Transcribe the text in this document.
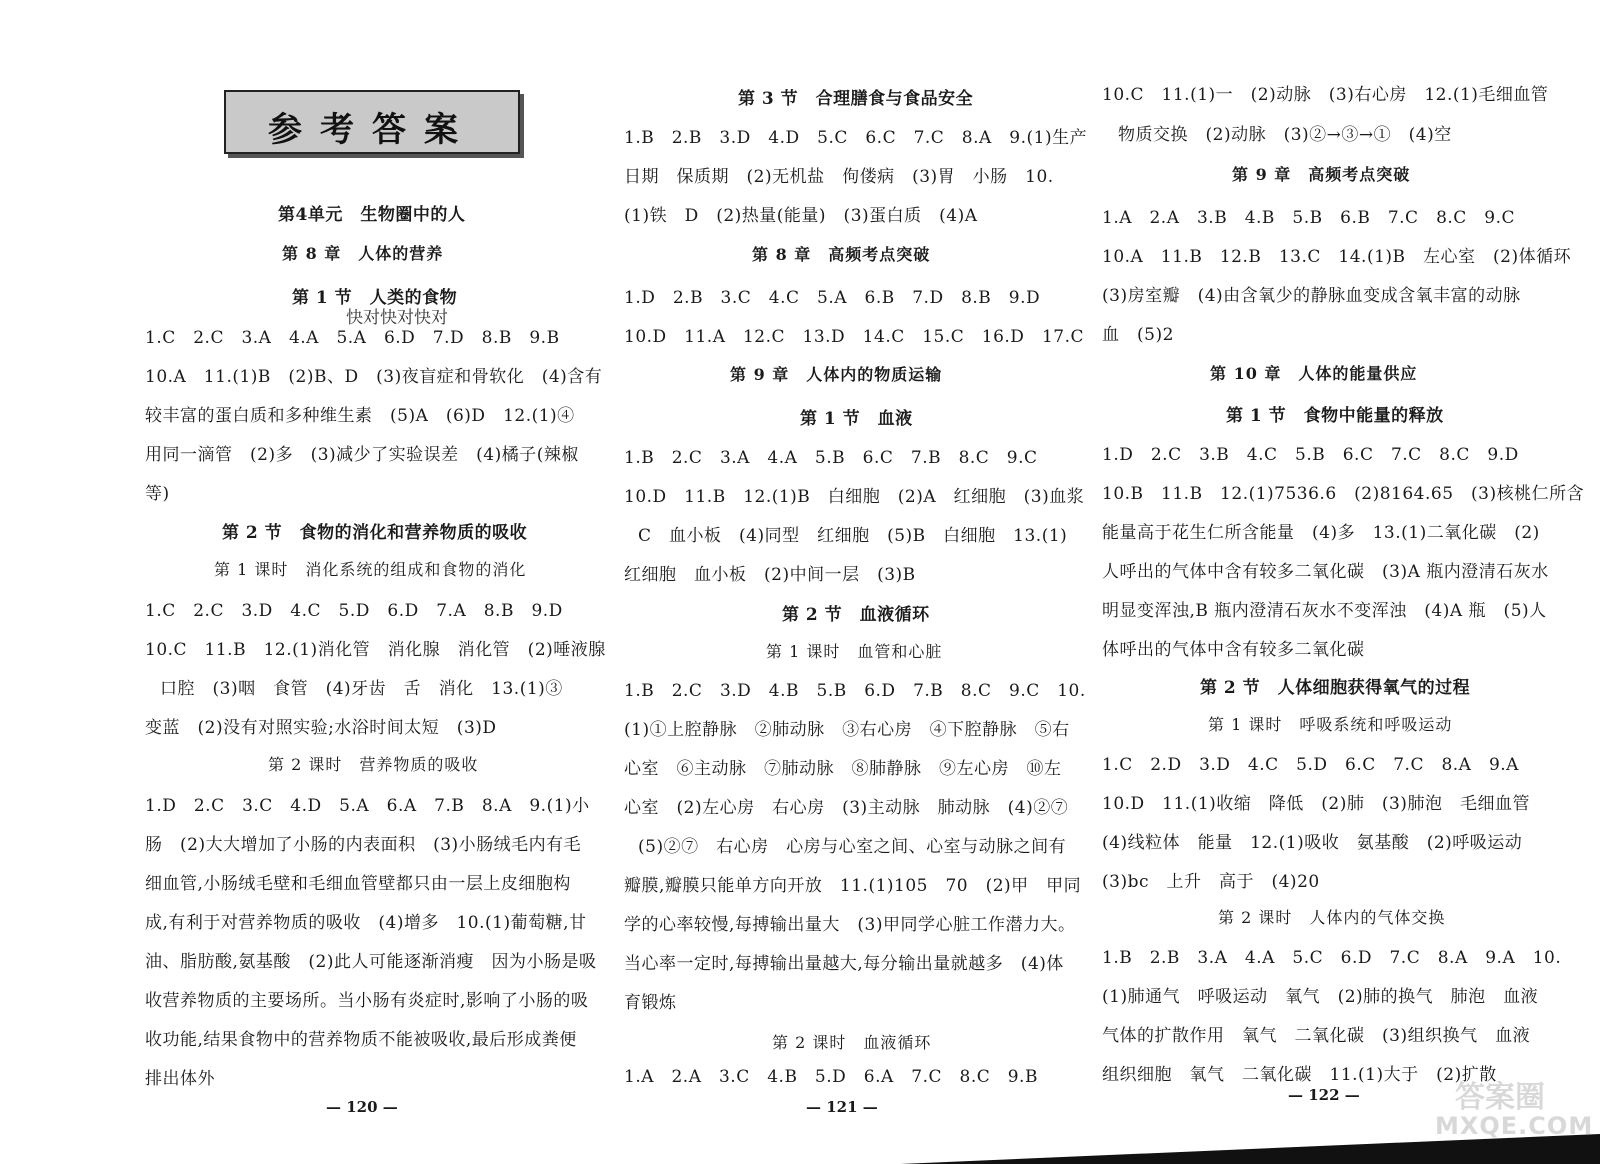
参考答案
第4单元　生物圈中的人
第 8 章　人体的营养
第 1 节　人类的食物
快对快对快对
1.C　2.C　3.A　4.A　5.A　6.D　7.D　8.B　9.B
10.A　11.(1)B　(2)B、D　(3)夜盲症和骨软化　(4)含有
较丰富的蛋白质和多种维生素　(5)A　(6)D　12.(1)④
用同一滴管　(2)多　(3)减少了实验误差　(4)橘子(辣椒
等)
第 2 节　食物的消化和营养物质的吸收
第 1 课时　消化系统的组成和食物的消化
1.C　2.C　3.D　4.C　5.D　6.D　7.A　8.B　9.D
10.C　11.B　12.(1)消化管　消化腺　消化管　(2)唾液腺
口腔　(3)咽　食管　(4)牙齿　舌　消化　13.(1)③
变蓝　(2)没有对照实验;水浴时间太短　(3)D
第 2 课时　营养物质的吸收
1.D　2.C　3.C　4.D　5.A　6.A　7.B　8.A　9.(1)小
肠　(2)大大增加了小肠的内表面积　(3)小肠绒毛内有毛
细血管,小肠绒毛壁和毛细血管壁都只由一层上皮细胞构
成,有利于对营养物质的吸收　(4)增多　10.(1)葡萄糖,甘
油、脂肪酸,氨基酸　(2)此人可能逐渐消瘦　因为小肠是吸
收营养物质的主要场所。当小肠有炎症时,影响了小肠的吸
收功能,结果食物中的营养物质不能被吸收,最后形成粪便
排出体外
— 120 —
第 3 节　合理膳食与食品安全
1.B　2.B　3.D　4.D　5.C　6.C　7.C　8.A　9.(1)生产
日期　保质期　(2)无机盐　佝偻病　(3)胃　小肠　10.
(1)铁　D　(2)热量(能量)　(3)蛋白质　(4)A
第 8 章　高频考点突破
1.D　2.B　3.C　4.C　5.A　6.B　7.D　8.B　9.D
10.D　11.A　12.C　13.D　14.C　15.C　16.D　17.C
第 9 章　人体内的物质运输
第 1 节　血液
1.B　2.C　3.A　4.A　5.B　6.C　7.B　8.C　9.C
10.D　11.B　12.(1)B　白细胞　(2)A　红细胞　(3)血浆
C　血小板　(4)同型　红细胞　(5)B　白细胞　13.(1)
红细胞　血小板　(2)中间一层　(3)B
第 2 节　血液循环
第 1 课时　血管和心脏
1.B　2.C　3.D　4.B　5.B　6.D　7.B　8.C　9.C　10.
(1)①上腔静脉　②肺动脉　③右心房　④下腔静脉　⑤右
心室　⑥主动脉　⑦肺动脉　⑧肺静脉　⑨左心房　⑩左
心室　(2)左心房　右心房　(3)主动脉　肺动脉　(4)②⑦
(5)②⑦　右心房　心房与心室之间、心室与动脉之间有
瓣膜,瓣膜只能单方向开放　11.(1)105　70　(2)甲　甲同
学的心率较慢,每搏输出量大　(3)甲同学心脏工作潜力大。
当心率一定时,每搏输出量越大,每分输出量就越多　(4)体
育锻炼
第 2 课时　血液循环
1.A　2.A　3.C　4.B　5.D　6.A　7.C　8.C　9.B
— 121 —
10.C　11.(1)一　(2)动脉　(3)右心房　12.(1)毛细血管
物质交换　(2)动脉　(3)②→③→①　(4)空
第 9 章　高频考点突破
1.A　2.A　3.B　4.B　5.B　6.B　7.C　8.C　9.C
10.A　11.B　12.B　13.C　14.(1)B　左心室　(2)体循环
(3)房室瓣　(4)由含氧少的静脉血变成含氧丰富的动脉
血　(5)2
第 10 章　人体的能量供应
第 1 节　食物中能量的释放
1.D　2.C　3.B　4.C　5.B　6.C　7.C　8.C　9.D
10.B　11.B　12.(1)7536.6　(2)8164.65　(3)核桃仁所含
能量高于花生仁所含能量　(4)多　13.(1)二氧化碳　(2)
人呼出的气体中含有较多二氧化碳　(3)A 瓶内澄清石灰水
明显变浑浊,B 瓶内澄清石灰水不变浑浊　(4)A 瓶　(5)人
体呼出的气体中含有较多二氧化碳
第 2 节　人体细胞获得氧气的过程
第 1 课时　呼吸系统和呼吸运动
1.C　2.D　3.D　4.C　5.D　6.C　7.C　8.A　9.A
10.D　11.(1)收缩　降低　(2)肺　(3)肺泡　毛细血管
(4)线粒体　能量　12.(1)吸收　氨基酸　(2)呼吸运动
(3)bc　上升　高于　(4)20
第 2 课时　人体内的气体交换
1.B　2.B　3.A　4.A　5.C　6.D　7.C　8.A　9.A　10.
(1)肺通气　呼吸运动　氧气　(2)肺的换气　肺泡　血液
气体的扩散作用　氧气　二氧化碳　(3)组织换气　血液
组织细胞　氧气　二氧化碳　11.(1)大于　(2)扩散
— 122 —	答案圈
MXQE.COM
